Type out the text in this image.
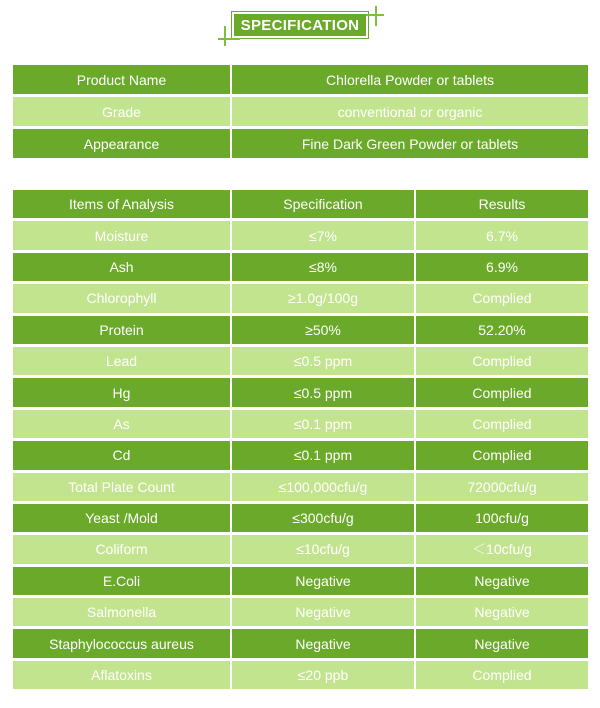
SPECIFICATION
Product Name	Chlorella Powder or tablets
Grade	conventional or organic
Appearance	Fine Dark Green Powder or tablets
Items of Analysis	Specification	Results
Moisture	≤7%	6.7%
Ash	≤8%	6.9%
Chlorophyll	≥1.0g/100g	Complied
Protein	≥50%	52.20%
Lead	≤0.5 ppm	Complied
Hg	≤0.5 ppm	Complied
As	≤0.1 ppm	Complied
Cd	≤0.1 ppm	Complied
Total Plate Count	≤100,000cfu/g	72000cfu/g
Yeast /Mold	≤300cfu/g	100cfu/g
Coliform	≤10cfu/g	＜10cfu/g
E.Coli	Negative	Negative
Salmonella	Negative	Negative
Staphylococcus aureus	Negative	Negative
Aflatoxins	≤20 ppb	Complied
